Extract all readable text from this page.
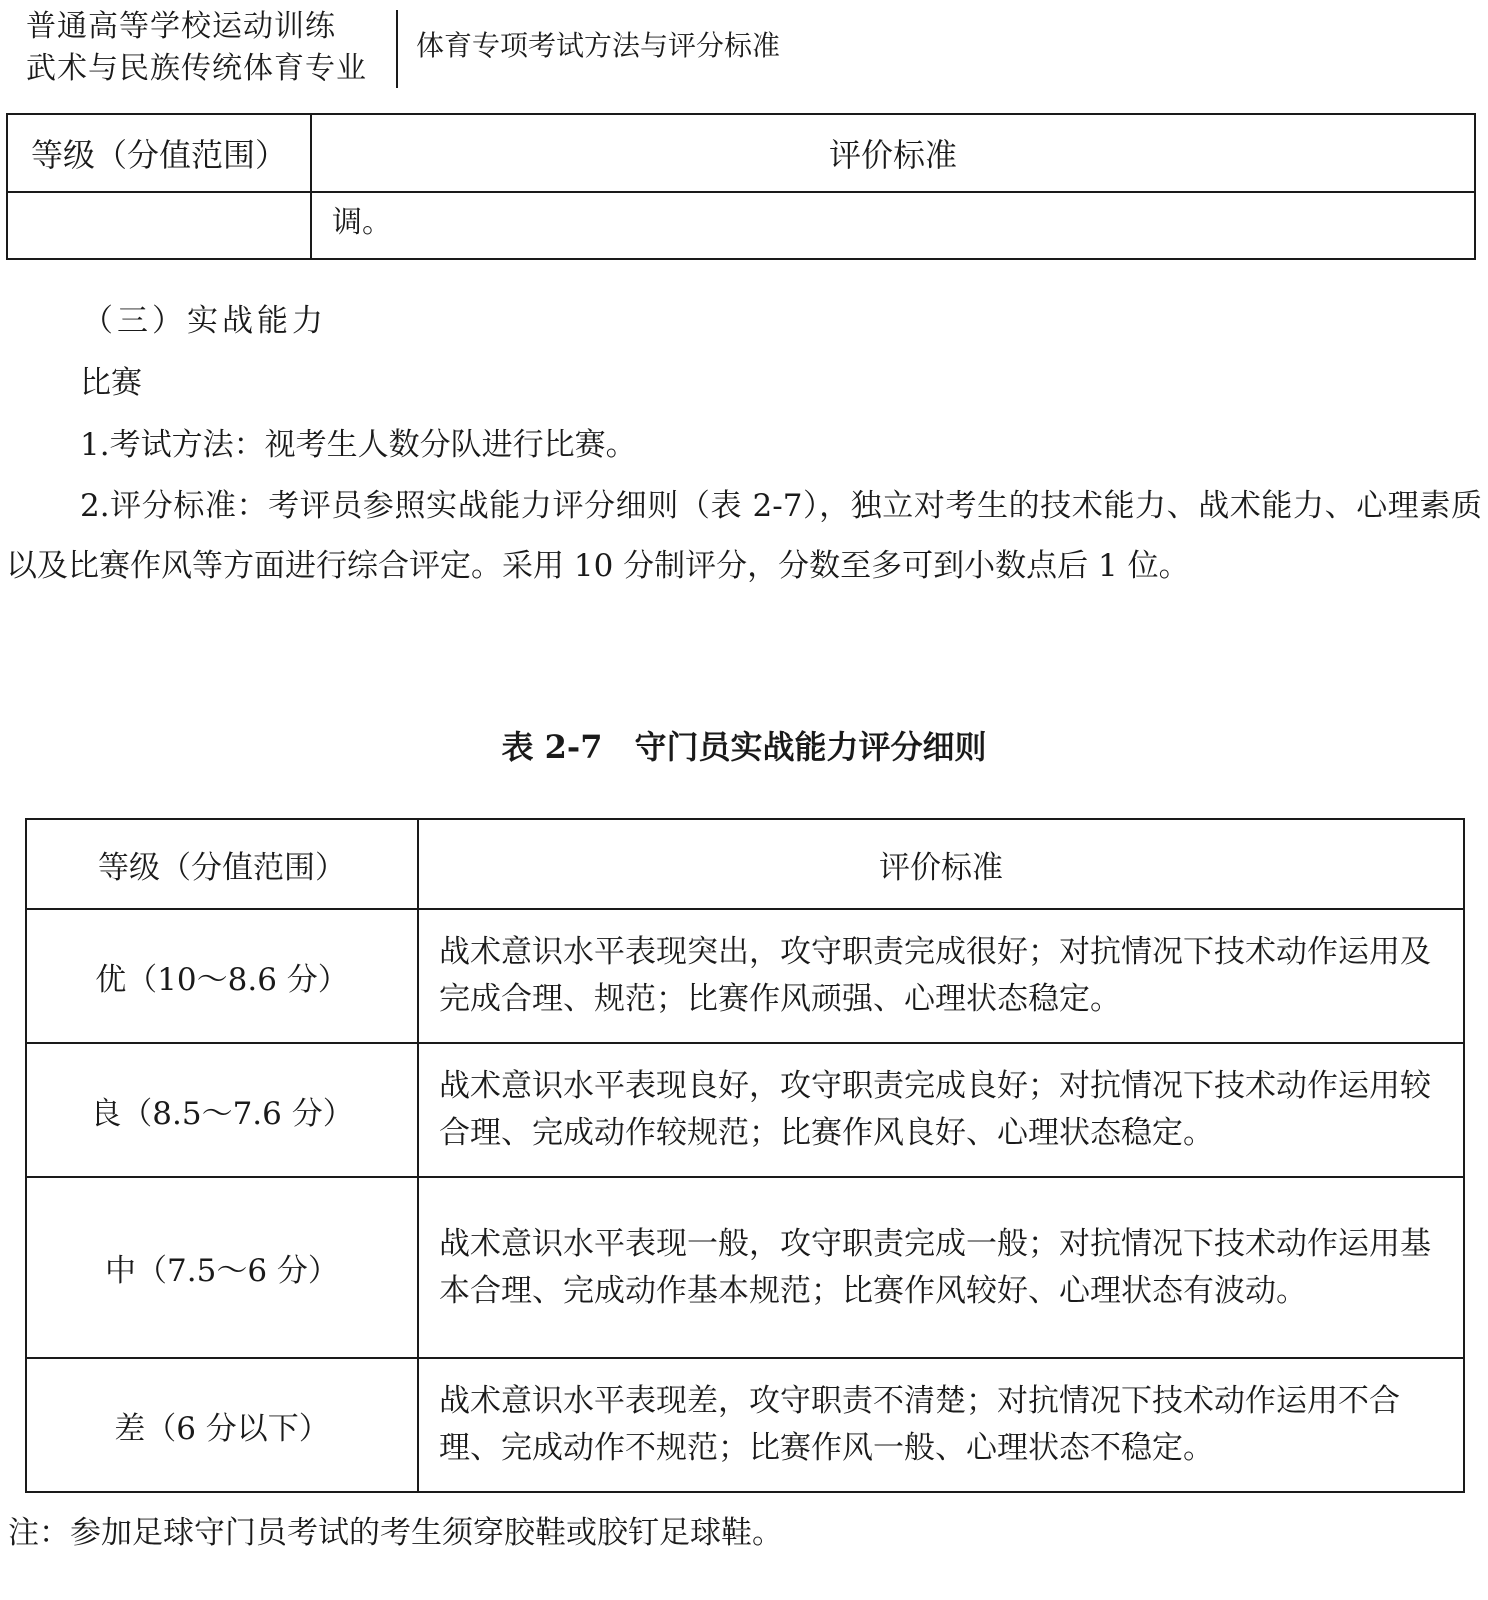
普通高等学校运动训练
武术与民族传统体育专业
体育专项考试方法与评分标准
等级（分值范围）	评价标准
	调。
（三）实战能力
比赛
1.考试方法：视考生人数分队进行比赛。
2.评分标准：考评员参照实战能力评分细则（表 2-7），独立对考生的技术能力、战术能力、心理素质以及比赛作风等方面进行综合评定。采用 10 分制评分，分数至多可到小数点后 1 位。
表 2-7　守门员实战能力评分细则
等级（分值范围）	评价标准
优（10～8.6 分）	战术意识水平表现突出，攻守职责完成很好；对抗情况下技术动作运用及完成合理、规范；比赛作风顽强、心理状态稳定。
良（8.5～7.6 分）	战术意识水平表现良好，攻守职责完成良好；对抗情况下技术动作运用较合理、完成动作较规范；比赛作风良好、心理状态稳定。
中（7.5～6 分）	战术意识水平表现一般，攻守职责完成一般；对抗情况下技术动作运用基本合理、完成动作基本规范；比赛作风较好、心理状态有波动。
差（6 分以下）	战术意识水平表现差，攻守职责不清楚；对抗情况下技术动作运用不合理、完成动作不规范；比赛作风一般、心理状态不稳定。
注：参加足球守门员考试的考生须穿胶鞋或胶钉足球鞋。
